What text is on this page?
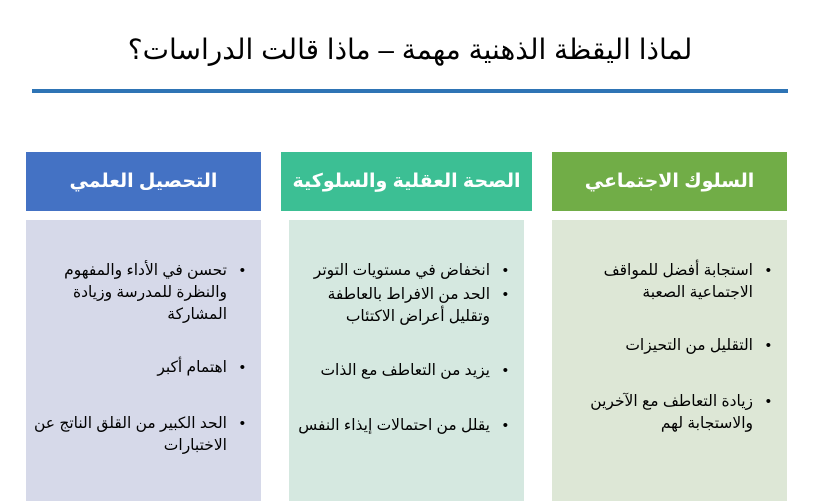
لماذا اليقظة الذهنية مهمة – ماذا قالت الدراسات؟
السلوك الاجتماعي
• استجابة أفضل للمواقف الاجتماعية الصعبة
• التقليل من التحيزات
• زيادة التعاطف مع الآخرين والاستجابة لهم
الصحة العقلية والسلوكية
• انخفاض في مستويات التوتر
• الحد من الافراط بالعاطفة وتقليل أعراض الاكتئاب
• يزيد من التعاطف مع الذات
• يقلل من احتمالات إيذاء النفس
التحصيل العلمي
• تحسن في الأداء والمفهوم والنظرة للمدرسة وزيادة المشاركة
• اهتمام أكبر
• الحد الكبير من القلق الناتج عن الاختبارات
